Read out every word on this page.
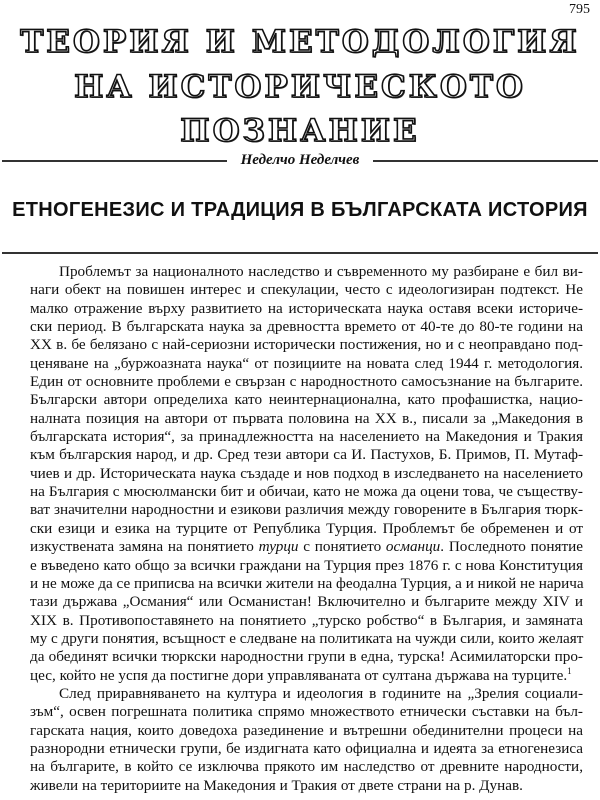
795
ТЕОРИЯ И МЕТОДОЛОГИЯ
НА ИСТОРИЧЕСКОТО
ПОЗНАНИЕ
Неделчо Неделчев
ЕТНОГЕНЕЗИС И ТРАДИЦИЯ В БЪЛГАРСКАТА ИСТОРИЯ
Проблемът за националното наследство и съвременното му разбиране е бил ви-
наги обект на повишен интерес и спекулации, често с идеологизиран подтекст. Не
малко отражение върху развитието на историческата наука оставя всеки историче-
ски период. В българската наука за древността времето от 40-те до 80-те години на
XX в. бе белязано с най-сериозни исторически постижения, но и с неоправдано под-
ценяване на „буржоазната наука“ от позициите на новата след 1944 г. методология.
Един от основните проблеми е свързан с народностното самосъзнание на българите.
Български автори определиха като неинтернационална, като профашистка, нацио-
налната позиция на автори от първата половина на XX в., писали за „Македония в
българската история“, за принадлежността на населението на Македония и Тракия
към българския народ, и др. Сред тези автори са И. Пастухов, Б. Примов, П. Мутаф-
чиев и др. Историческата наука създаде и нов подход в изследването на населението
на България с мюсюлмански бит и обичаи, като не можа да оцени това, че съществу-
ват значителни народностни и езикови различия между говорените в България тюрк-
ски езици и езика на турците от Република Турция. Проблемът бе обременен и от
изкуствената замяна на понятието турци с понятието османци. Последното понятие
е въведено като общо за всички граждани на Турция през 1876 г. с нова Конституция
и не може да се приписва на всички жители на феодална Турция, а и никой не нарича
тази държава „Османия“ или Османистан! Включително и българите между XIV и
XIX в. Противопоставянето на понятието „турско робство“ в България, и замяната
му с други понятия, всъщност е следване на политиката на чужди сили, които желаят
да обединят всички тюркски народностни групи в една, турска! Асимилаторски про-
цес, който не успя да постигне дори управляваната от султана държава на турците.$^1$
След приравняването на култура и идеология в годините на „Зрелия социали-
зъм“, освен погрешната политика спрямо множеството етнически съставки на бъл-
гарската нация, които доведоха разединение и вътрешни обединителни процеси на
разнородни етнически групи, бе издигната като официална и идеята за етногенезиса
на българите, в който се изключва прякото им наследство от древните народности,
живели на териториите на Македония и Тракия от двете страни на р. Дунав.
